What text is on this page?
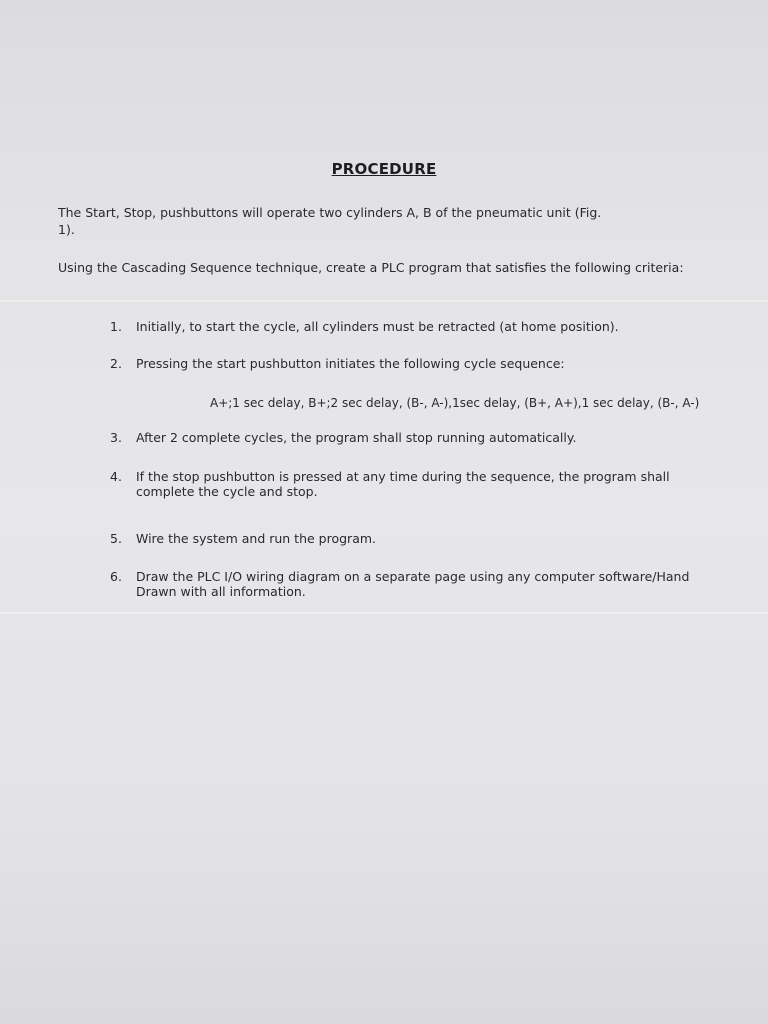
PROCEDURE
The Start, Stop, pushbuttons will operate two cylinders A, B of the pneumatic unit (Fig. 1).
Using the Cascading Sequence technique, create a PLC program that satisfies the following criteria:
1.	Initially, to start the cycle, all cylinders must be retracted (at home position).
2.	Pressing the start pushbutton initiates the following cycle sequence:
A+;1 sec delay, B+;2 sec delay, (B-, A-),1sec delay, (B+, A+),1 sec delay, (B-, A-)
3.	After 2 complete cycles, the program shall stop running automatically.
4.	If the stop pushbutton is pressed at any time during the sequence, the program shall complete the cycle and stop.
5.	Wire the system and run the program.
6.	Draw the PLC I/O wiring diagram on a separate page using any computer software/Hand Drawn with all information.
